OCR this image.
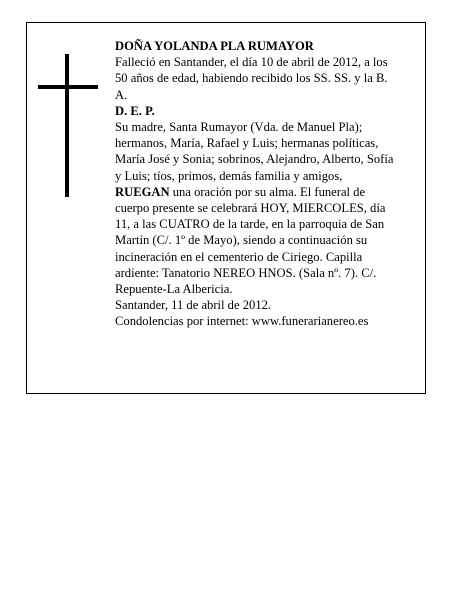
DOÑA YOLANDA PLA RUMAYOR

Falleció en Santander, el día 10 de abril de 2012, a los 50 años de edad, habiendo recibido los SS. SS. y la B. A.

D. E. P.

Su madre, Santa Rumayor (Vda. de Manuel Pla); hermanos, María, Rafael y Luis; hermanas políticas, María José y Sonia; sobrinos, Alejandro, Alberto, Sofía y Luis; tíos, primos, demás familia y amigos,

RUEGAN una oración por su alma. El funeral de cuerpo presente se celebrará HOY, MIERCOLES, día 11, a las CUATRO de la tarde, en la parroquia de San Martín (C/. 1º de Mayo), siendo a continuación su incineración en el cementerio de Ciriego. Capilla ardiente: Tanatorio NEREO HNOS. (Sala nº. 7). C/. Repuente-La Albericia.

Santander, 11 de abril de 2012.

Condolencias por internet: www.funerarianereo.es
